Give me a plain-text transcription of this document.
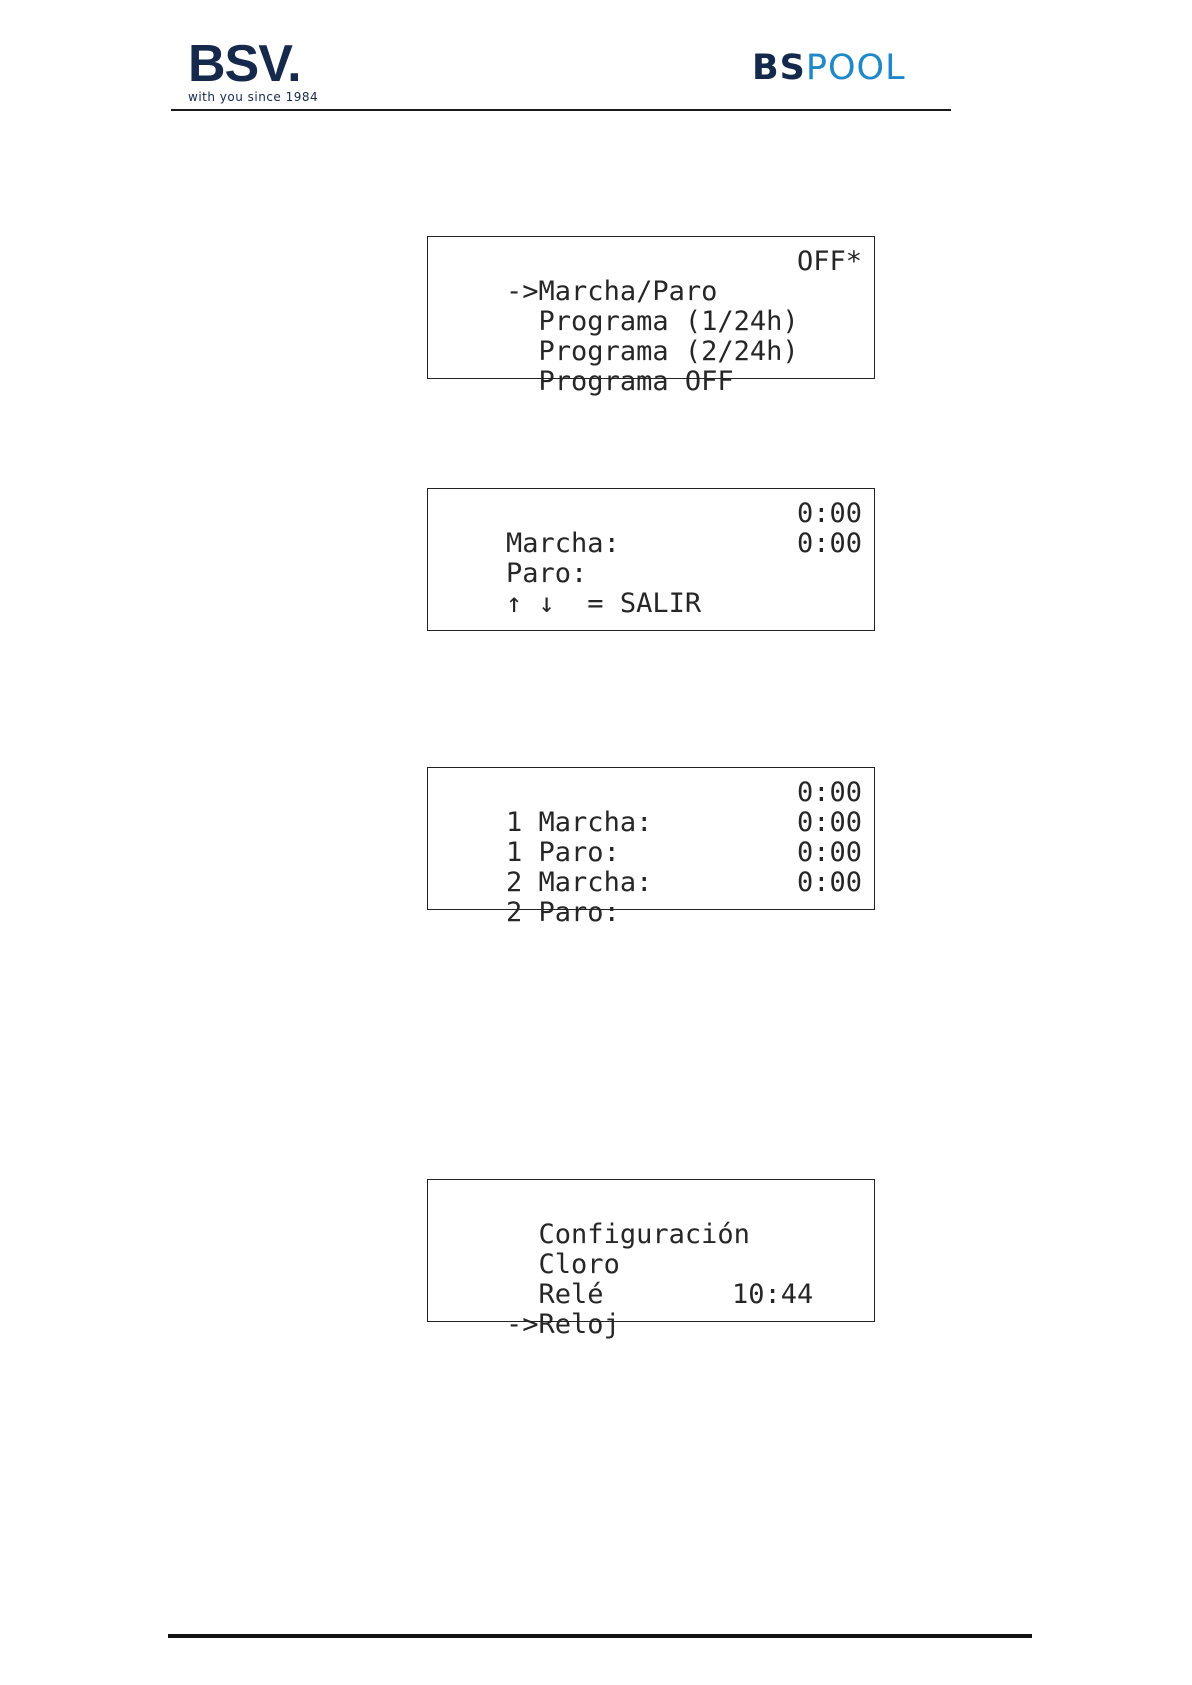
BSV.
with you since 1984
BSPOOL

->Marcha/Paro

OFF*

Programa (1/24h)

Programa (2/24h)

Programa OFF

Marcha:

0:00

Paro:

0:00

↑ ↓  = SALIR

1 Marcha:

0:00

1 Paro:

0:00

2 Marcha:

0:00

2 Paro:

0:00

Configuración

Cloro

Relé

->Reloj

10:44
